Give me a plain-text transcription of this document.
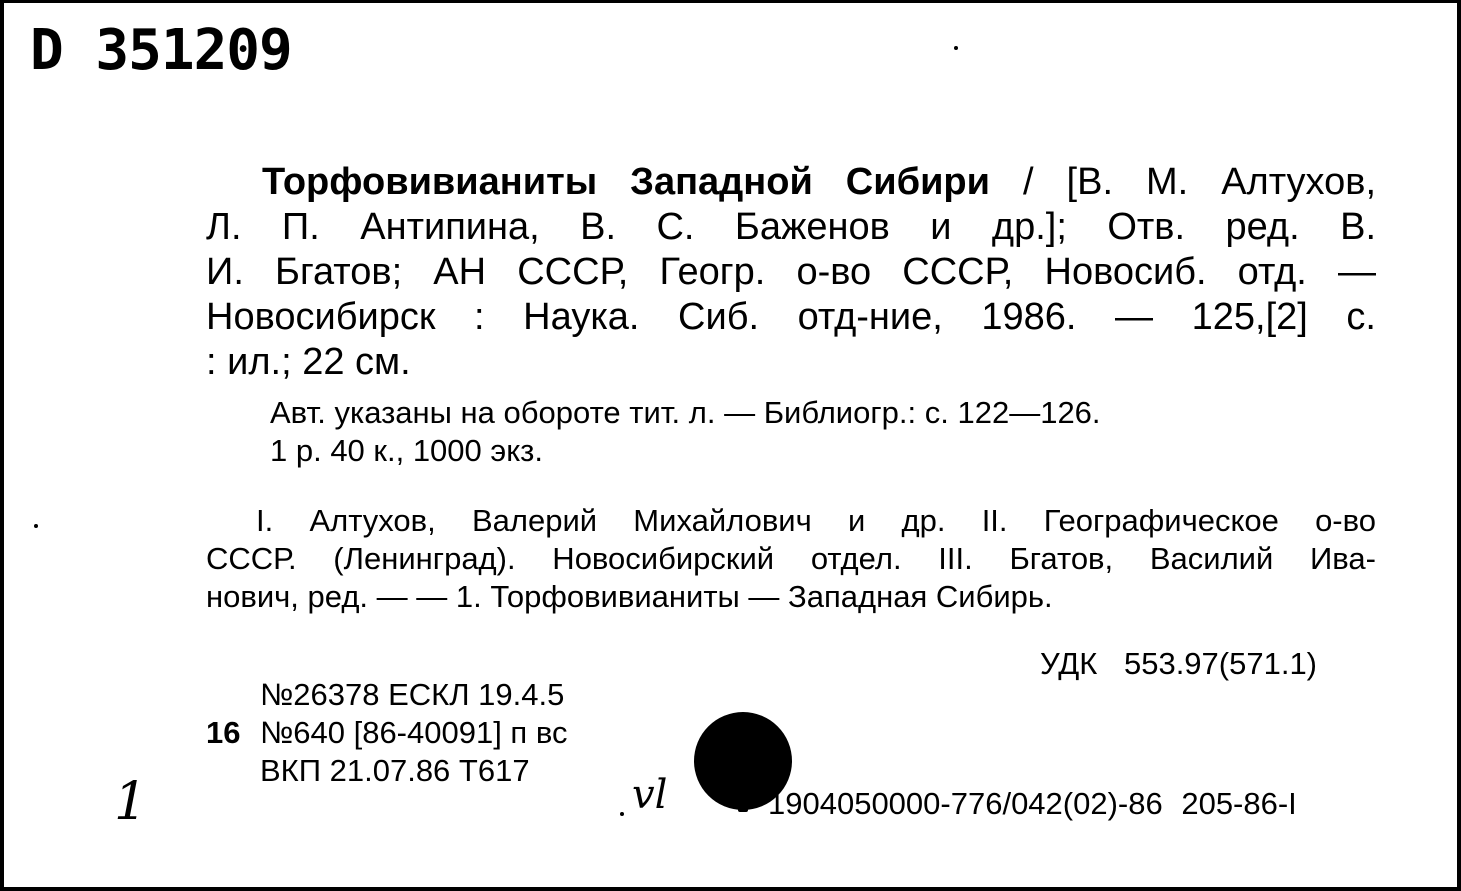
D 351209
Торфовивианиты Западной Сибири / [В. М. Алтухов,
Л. П. Антипина, В. С. Баженов и др.]; Отв. ред. В.
И. Бгатов; АН СССР, Геогр. о-во СССР, Новосиб. отд. —
Новосибирск : Наука. Сиб. отд-ние, 1986. — 125,[2] с.
: ил.; 22 см.
Авт. указаны на обороте тит. л. — Библиогр.: с. 122—126.
1 р. 40 к., 1000 экз.
I. Алтухов, Валерий Михайлович и др. II. Географическое о-во
СССР. (Ленинград). Новосибирский отдел. III. Бгатов, Василий Ива-
нович, ред. — — 1. Торфовивианиты — Западная Сибирь.
УДК 553.97(571.1)
№26378 ЕСКЛ 19.4.5
16 №640 [86-40091] п вс
ВКП 21.07.86 Т617
1904050000-776/042(02)-86 205-86-I
1	vl
